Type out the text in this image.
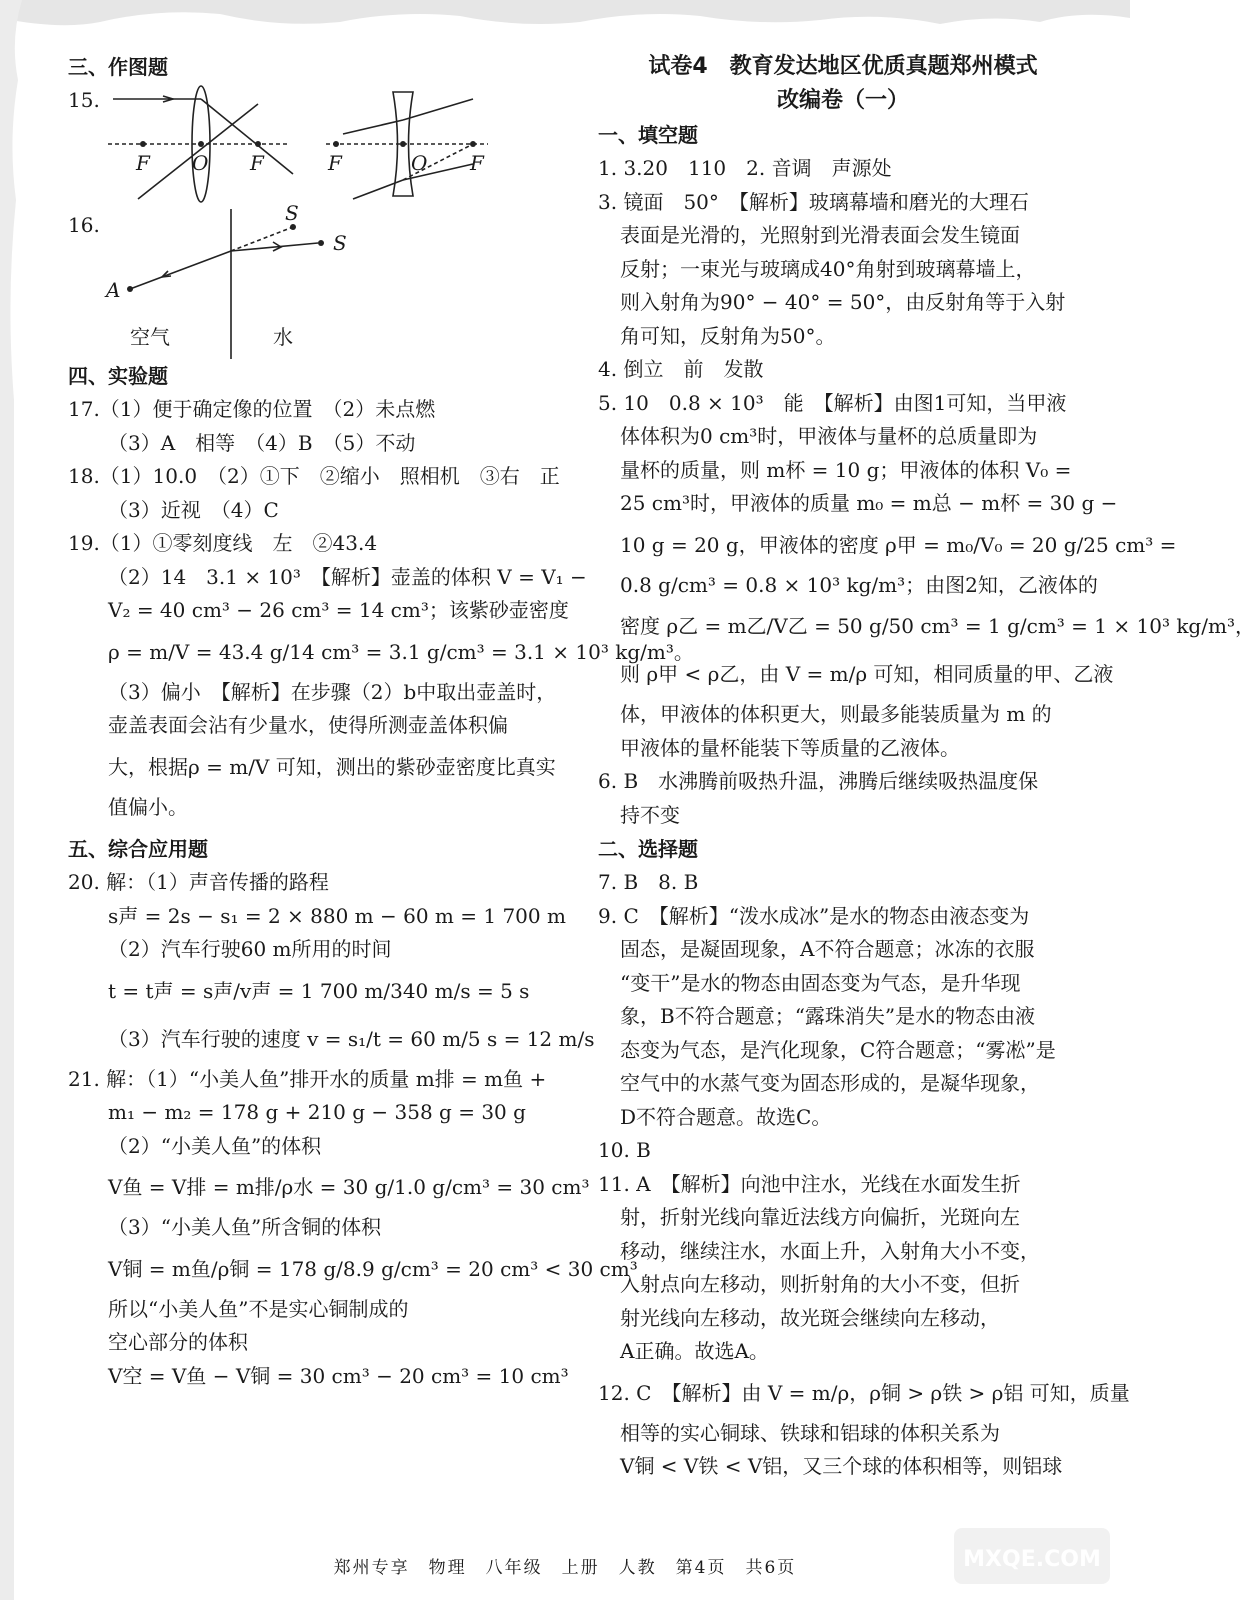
三、作图题
15.
F O F	F	O F
16.	S
S
A
空气	水
四、实验题
17.（1）便于确定像的位置　（2）未点燃
（3）A　相等　（4）B　（5）不动
18.（1）10.0　（2）①下　②缩小　照相机　③右　正
（3）近视　（4）C
19.（1）①零刻度线　左　②43.4
（2）14　3.1 × 10³　【解析】壶盖的体积 V = V₁ −
V₂ = 40 cm³ − 26 cm³ = 14 cm³；该紫砂壶密度
ρ = m/V = 43.4 g/14 cm³ = 3.1 g/cm³ = 3.1 × 10³ kg/m³。
（3）偏小　【解析】在步骤（2）b中取出壶盖时，
壶盖表面会沾有少量水，使得所测壶盖体积偏
大，根据ρ = m/V 可知，测出的紫砂壶密度比真实
值偏小。
五、综合应用题
20. 解：（1）声音传播的路程
s声 = 2s − s₁ = 2 × 880 m − 60 m = 1 700 m
（2）汽车行驶60 m所用的时间
t = t声 = s声/v声 = 1 700 m/340 m/s = 5 s
（3）汽车行驶的速度 v = s₁/t = 60 m/5 s = 12 m/s
21. 解：（1）“小美人鱼”排开水的质量 m排 = m鱼 +
m₁ − m₂ = 178 g + 210 g − 358 g = 30 g
（2）“小美人鱼”的体积
V鱼 = V排 = m排/ρ水 = 30 g/1.0 g/cm³ = 30 cm³
（3）“小美人鱼”所含铜的体积
V铜 = m鱼/ρ铜 = 178 g/8.9 g/cm³ = 20 cm³ < 30 cm³
所以“小美人鱼”不是实心铜制成的
空心部分的体积
V空 = V鱼 − V铜 = 30 cm³ − 20 cm³ = 10 cm³
试卷4　教育发达地区优质真题郑州模式
改编卷（一）
一、填空题
1. 3.20　110　2. 音调　声源处
3. 镜面　50°　【解析】玻璃幕墙和磨光的大理石
表面是光滑的，光照射到光滑表面会发生镜面
反射；一束光与玻璃成40°角射到玻璃幕墙上，
则入射角为90° − 40° = 50°，由反射角等于入射
角可知，反射角为50°。
4. 倒立　前　发散
5. 10　0.8 × 10³　能　【解析】由图1可知，当甲液
体体积为0 cm³时，甲液体与量杯的总质量即为
量杯的质量，则 m杯 = 10 g；甲液体的体积 V₀ =
25 cm³时，甲液体的质量 m₀ = m总 − m杯 = 30 g −
10 g = 20 g，甲液体的密度 ρ甲 = m₀/V₀ = 20 g/25 cm³ =
0.8 g/cm³ = 0.8 × 10³ kg/m³；由图2知，乙液体的
密度 ρ乙 = m乙/V乙 = 50 g/50 cm³ = 1 g/cm³ = 1 × 10³ kg/m³，
则 ρ甲 < ρ乙，由 V = m/ρ 可知，相同质量的甲、乙液
体，甲液体的体积更大，则最多能装质量为 m 的
甲液体的量杯能装下等质量的乙液体。
6. B　水沸腾前吸热升温，沸腾后继续吸热温度保
持不变
二、选择题
7. B　8. B
9. C　【解析】“泼水成冰”是水的物态由液态变为
固态，是凝固现象，A不符合题意；冰冻的衣服
“变干”是水的物态由固态变为气态，是升华现
象，B不符合题意；“露珠消失”是水的物态由液
态变为气态，是汽化现象，C符合题意；“雾凇”是
空气中的水蒸气变为固态形成的，是凝华现象，
D不符合题意。故选C。
10. B
11. A　【解析】向池中注水，光线在水面发生折
射，折射光线向靠近法线方向偏折，光斑向左
移动，继续注水，水面上升，入射角大小不变，
入射点向左移动，则折射角的大小不变，但折
射光线向左移动，故光斑会继续向左移动，
A正确。故选A。
12. C　【解析】由 V = m/ρ，ρ铜 > ρ铁 > ρ铝 可知，质量
相等的实心铜球、铁球和铝球的体积关系为
V铜 < V铁 < V铝，又三个球的体积相等，则铝球
郑州专享　物理　八年级　上册　人教　第4页　共6页	MXQE.COM
